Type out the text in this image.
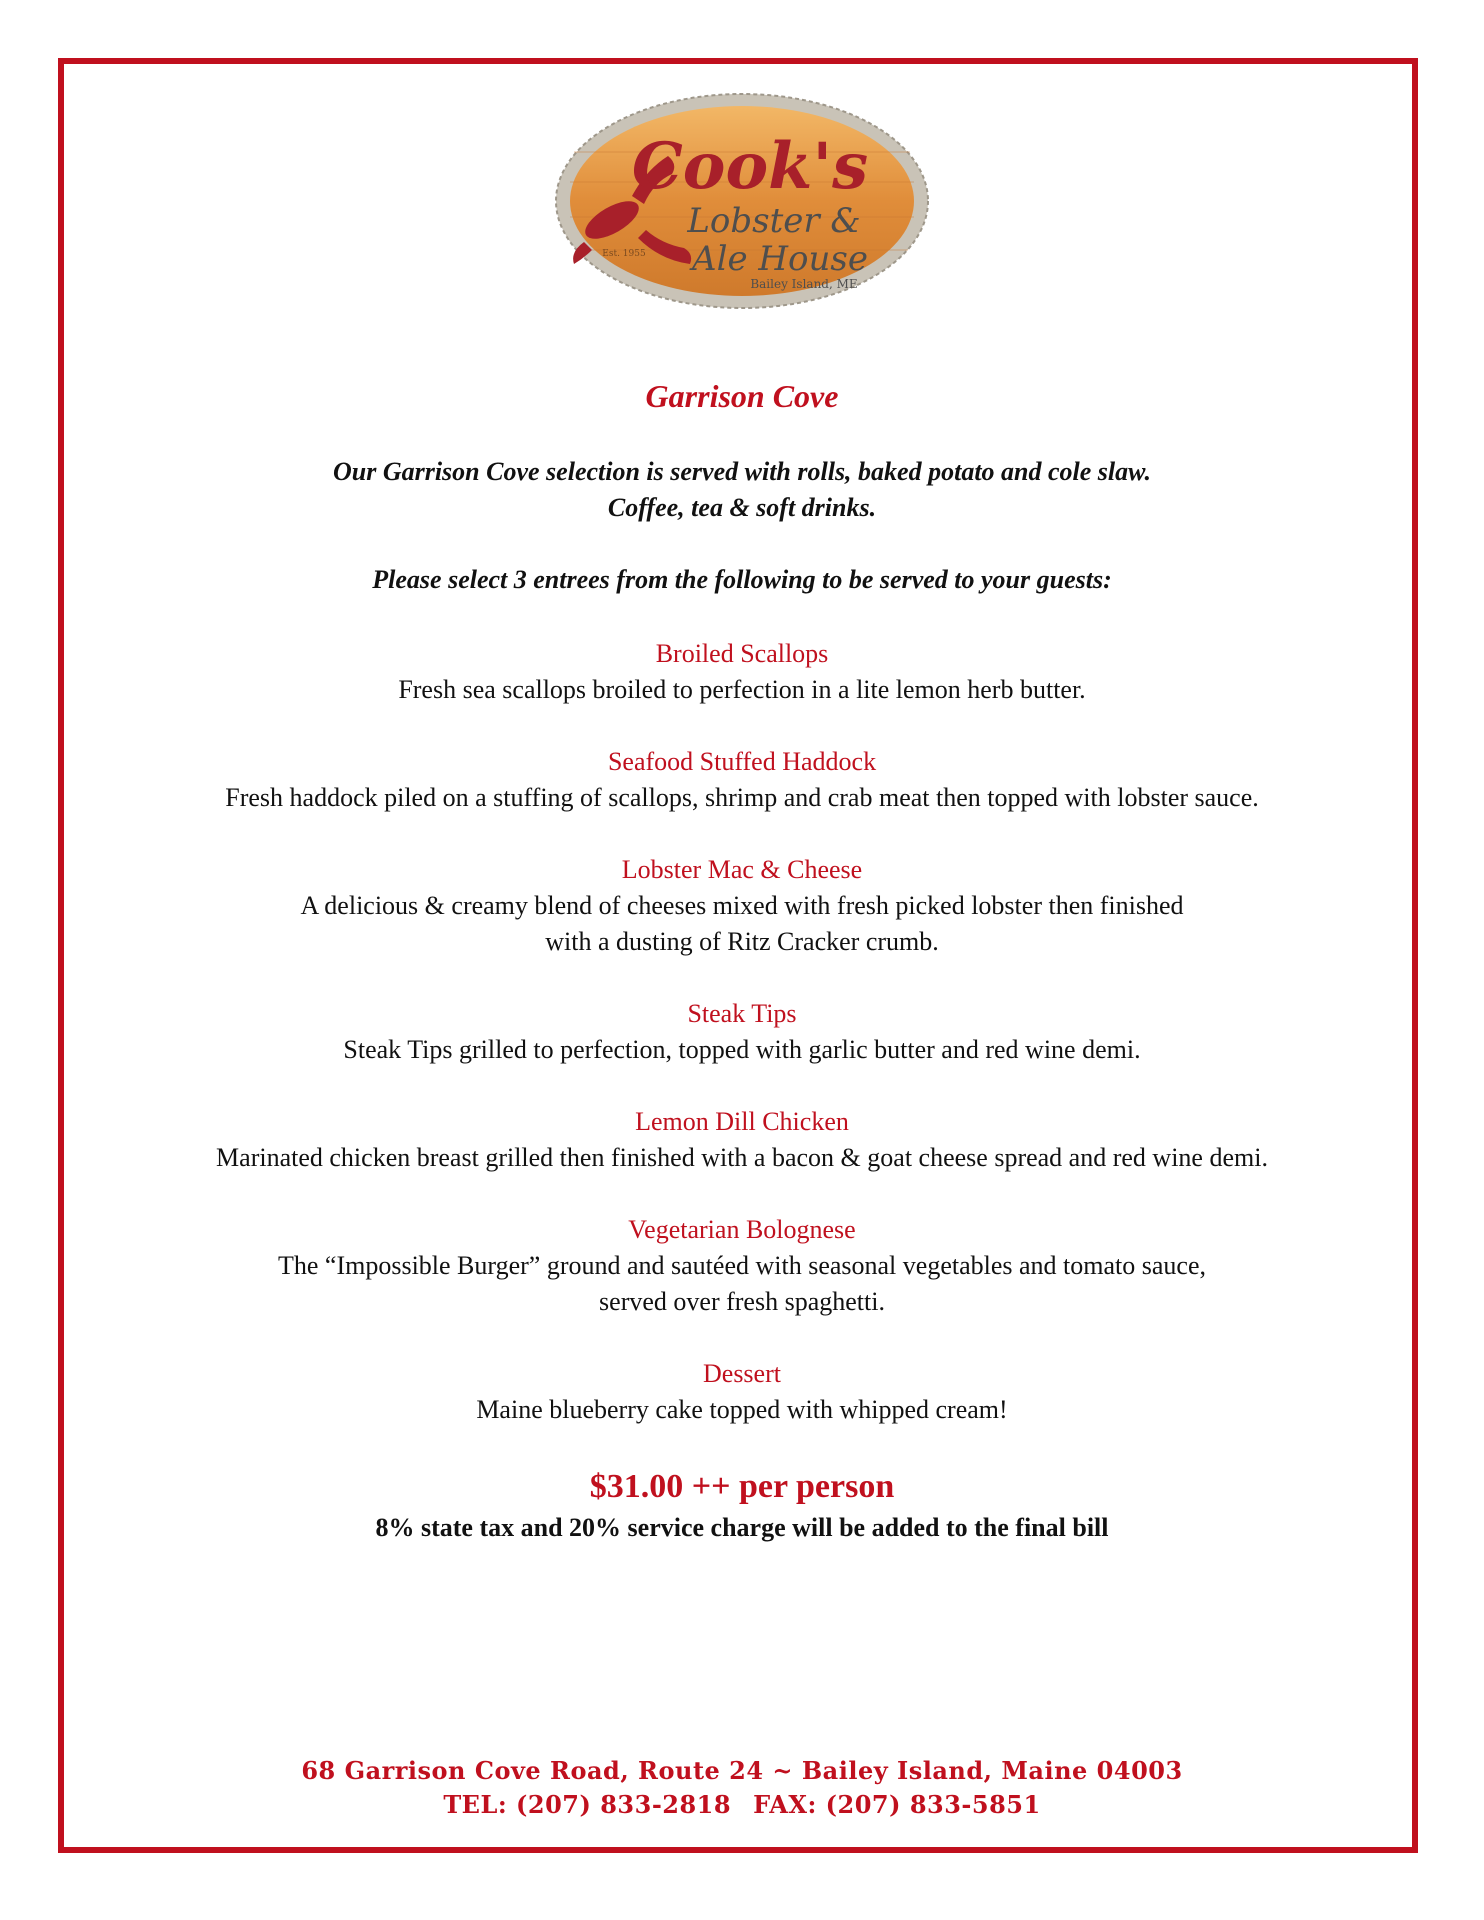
Cook's
Lobster &
Ale House
Est. 1955
Bailey Island, ME
Garrison Cove
Our Garrison Cove selection is served with rolls, baked potato and cole slaw.
Coffee, tea & soft drinks.
Please select 3 entrees from the following to be served to your guests:
Broiled Scallops
Fresh sea scallops broiled to perfection in a lite lemon herb butter.
Seafood Stuffed Haddock
Fresh haddock piled on a stuffing of scallops, shrimp and crab meat then topped with lobster sauce.
Lobster Mac & Cheese
A delicious & creamy blend of cheeses mixed with fresh picked lobster then finished
with a dusting of Ritz Cracker crumb.
Steak Tips
Steak Tips grilled to perfection, topped with garlic butter and red wine demi.
Lemon Dill Chicken
Marinated chicken breast grilled then finished with a bacon & goat cheese spread and red wine demi.
Vegetarian Bolognese
The “Impossible Burger” ground and sautéed with seasonal vegetables and tomato sauce,
served over fresh spaghetti.
Dessert
Maine blueberry cake topped with whipped cream!
$31.00 ++ per person
8% state tax and 20% service charge will be added to the final bill
68 Garrison Cove Road, Route 24 ~ Bailey Island, Maine 04003
TEL: (207) 833-2818 FAX: (207) 833-5851
